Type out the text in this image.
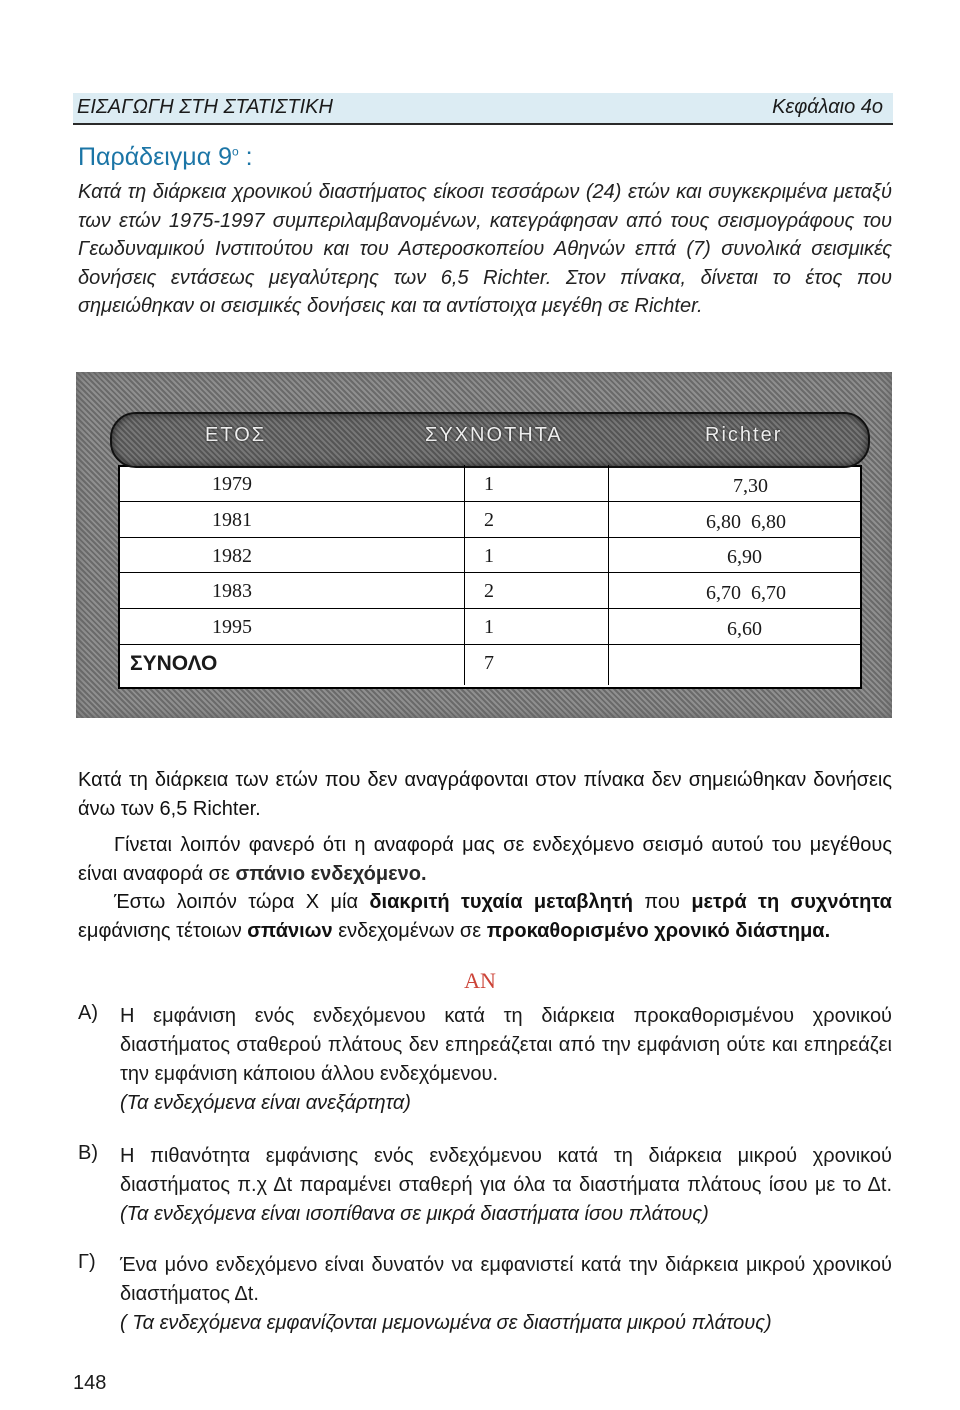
ΕΙΣΑΓΩΓΗ ΣΤΗ ΣΤΑΤΙΣΤΙΚΗ	Κεφάλαιο 4ο
Παράδειγμα $9^o$ :
Κατά τη διάρκεια χρονικού διαστήματος είκοσι τεσσάρων (24) ετών και συγκεκριμένα μεταξύ των ετών 1975-1997 συμπεριλαμβανομένων, κατεγράφησαν από τους σεισμογράφους του Γεωδυναμικού Ινστιτούτου και του Αστεροσκοπείου Αθηνών επτά (7) συνολικά σεισμικές δονήσεις εντάσεως μεγαλύτερης των 6,5 Richter. Στον πίνακα, δίνεται το έτος που σημειώθηκαν οι σεισμικές δονήσεις και τα αντίστοιχα μεγέθη σε Richter.
ΕΤΟΣ	ΣΥΧΝΟΤΗΤΑ	Richter
1979	1	7,30
1981	2	6,80  6,80
1982	1	6,90
1983	2	6,70  6,70
1995	1	6,60
ΣΥΝΟΛΟ	7
Κατά τη διάρκεια των ετών που δεν αναγράφονται στον πίνακα δεν σημειώθηκαν δονήσεις άνω των 6,5 Richter.
Γίνεται λοιπόν φανερό ότι η αναφορά μας σε ενδεχόμενο σεισμό αυτού του μεγέθους είναι αναφορά σε σπάνιο ενδεχόμενο.
Έστω λοιπόν τώρα Χ μία διακριτή τυχαία μεταβλητή που μετρά τη συχνότητα εμφάνισης τέτοιων σπάνιων ενδεχομένων σε προκαθορισμένο χρονικό διάστημα.
ΑΝ
Α) Η εμφάνιση ενός ενδεχόμενου κατά τη διάρκεια προκαθορισμένου χρονικού διαστήματος σταθερού πλάτους δεν επηρεάζεται από την εμφάνιση ούτε και επηρεάζει την εμφάνιση κάποιου άλλου ενδεχόμενου.
(Τα ενδεχόμενα είναι ανεξάρτητα)
Β) Η πιθανότητα εμφάνισης ενός ενδεχόμενου κατά τη διάρκεια μικρού χρονικού διαστήματος π.χ Δt παραμένει σταθερή για όλα τα διαστήματα πλάτους ίσου με το Δt. (Τα ενδεχόμενα είναι ισοπίθανα σε μικρά διαστήματα ίσου πλάτους)
Γ) Ένα μόνο ενδεχόμενο είναι δυνατόν να εμφανιστεί κατά την διάρκεια μικρού χρονικού διαστήματος Δt.
( Τα ενδεχόμενα εμφανίζονται μεμονωμένα σε διαστήματα μικρού πλάτους)
148
